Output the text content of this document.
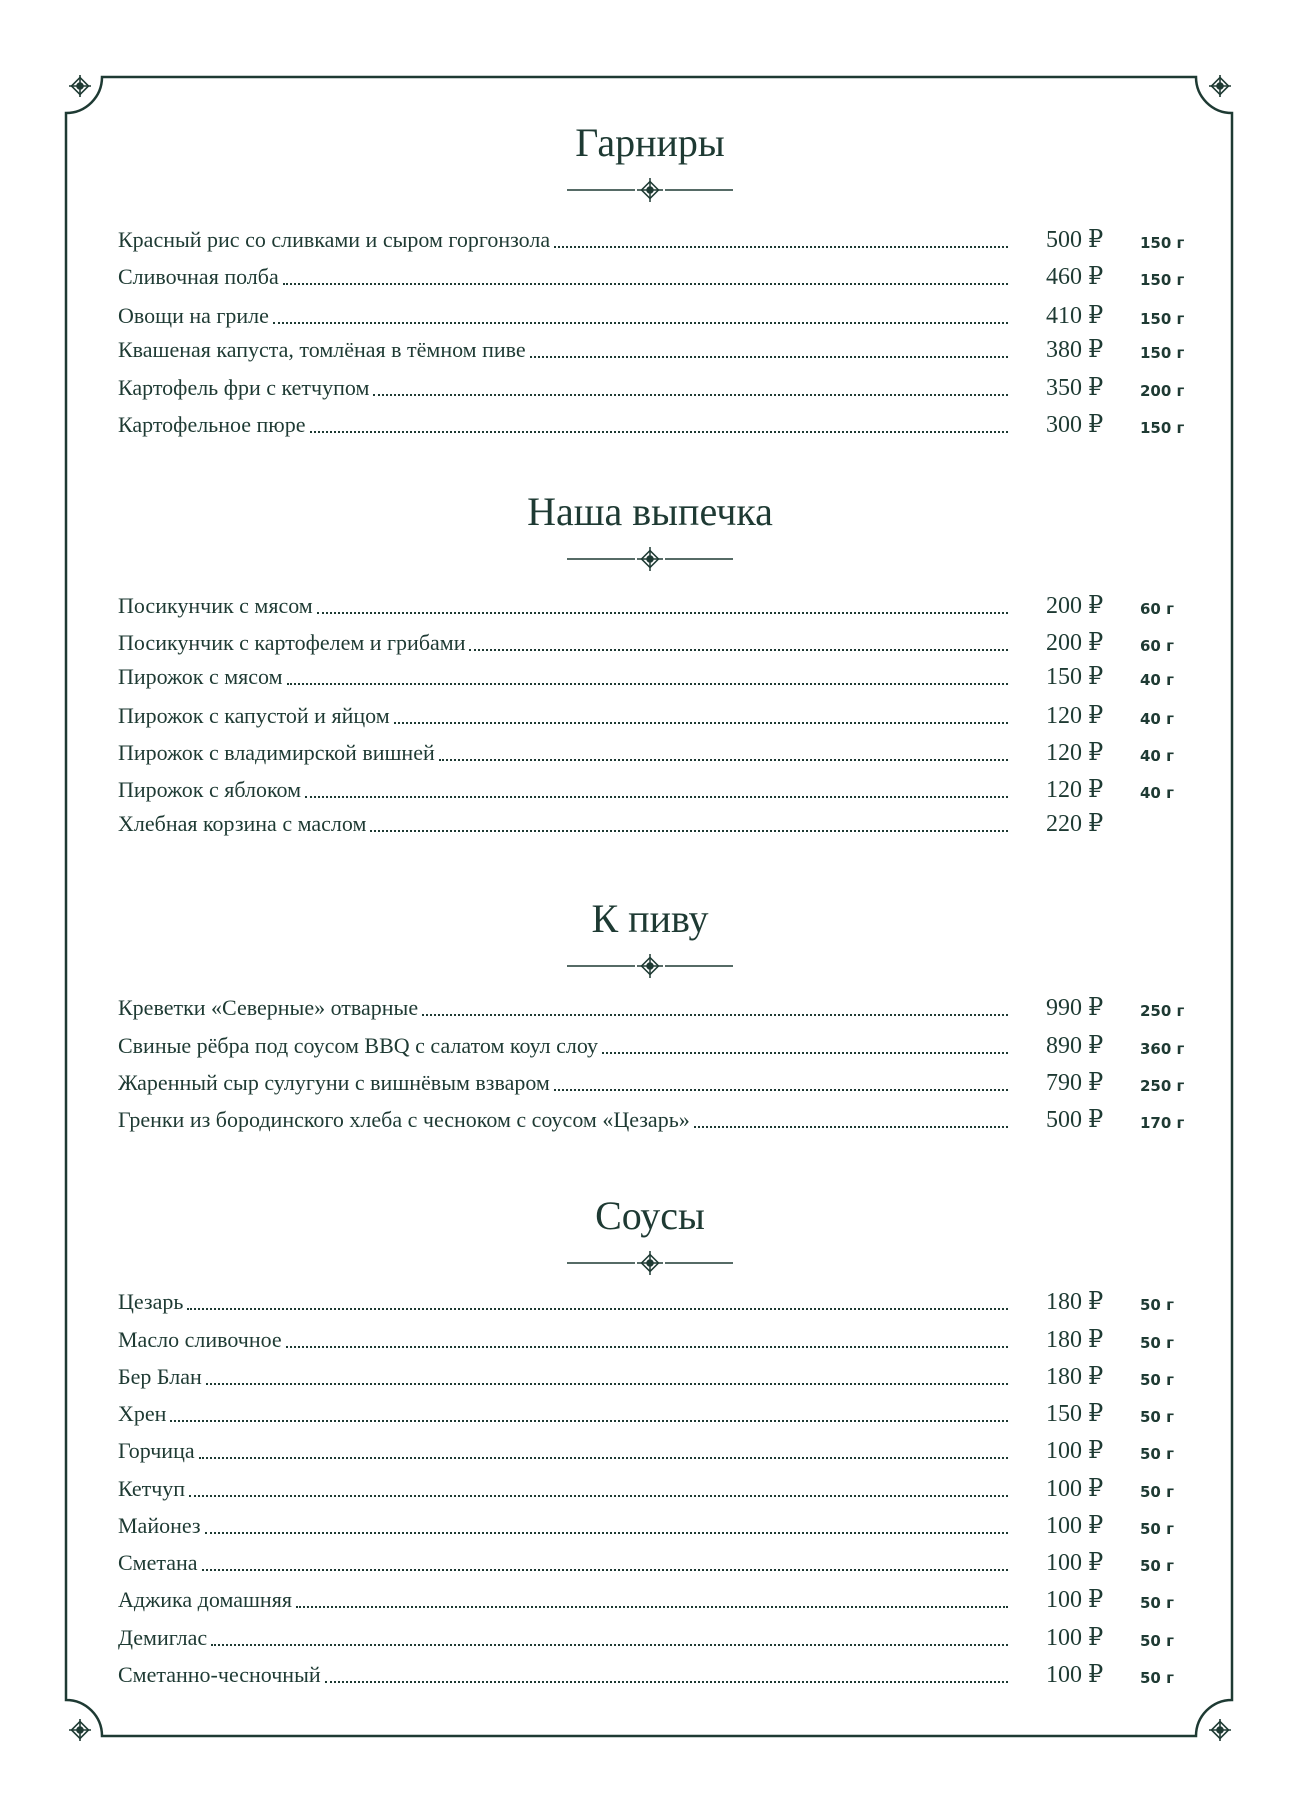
Гарниры
Красный рис со сливками и сыром горгонзола	500 ₽	150 г
Сливочная полба	460 ₽	150 г
Овощи на гриле	410 ₽	150 г
Квашеная капуста, томлёная в тёмном пиве	380 ₽	150 г
Картофель фри с кетчупом	350 ₽	200 г
Картофельное пюре	300 ₽	150 г
Наша выпечка
Посикунчик с мясом	200 ₽	60 г
Посикунчик с картофелем и грибами	200 ₽	60 г
Пирожок с мясом	150 ₽	40 г
Пирожок с капустой и яйцом	120 ₽	40 г
Пирожок с владимирской вишней	120 ₽	40 г
Пирожок с яблоком	120 ₽	40 г
Хлебная корзина с маслом	220 ₽
К пиву
Креветки «Северные» отварные	990 ₽	250 г
Свиные рёбра под соусом BBQ с салатом коул слоу	890 ₽	360 г
Жаренный сыр сулугуни с вишнёвым взваром	790 ₽	250 г
Гренки из бородинского хлеба с чесноком с соусом «Цезарь»	500 ₽	170 г
Соусы
Цезарь	180 ₽	50 г
Масло сливочное	180 ₽	50 г
Бер Блан	180 ₽	50 г
Хрен	150 ₽	50 г
Горчица	100 ₽	50 г
Кетчуп	100 ₽	50 г
Майонез	100 ₽	50 г
Сметана	100 ₽	50 г
Аджика домашняя	100 ₽	50 г
Демиглас	100 ₽	50 г
Сметанно-чесночный	100 ₽	50 г
